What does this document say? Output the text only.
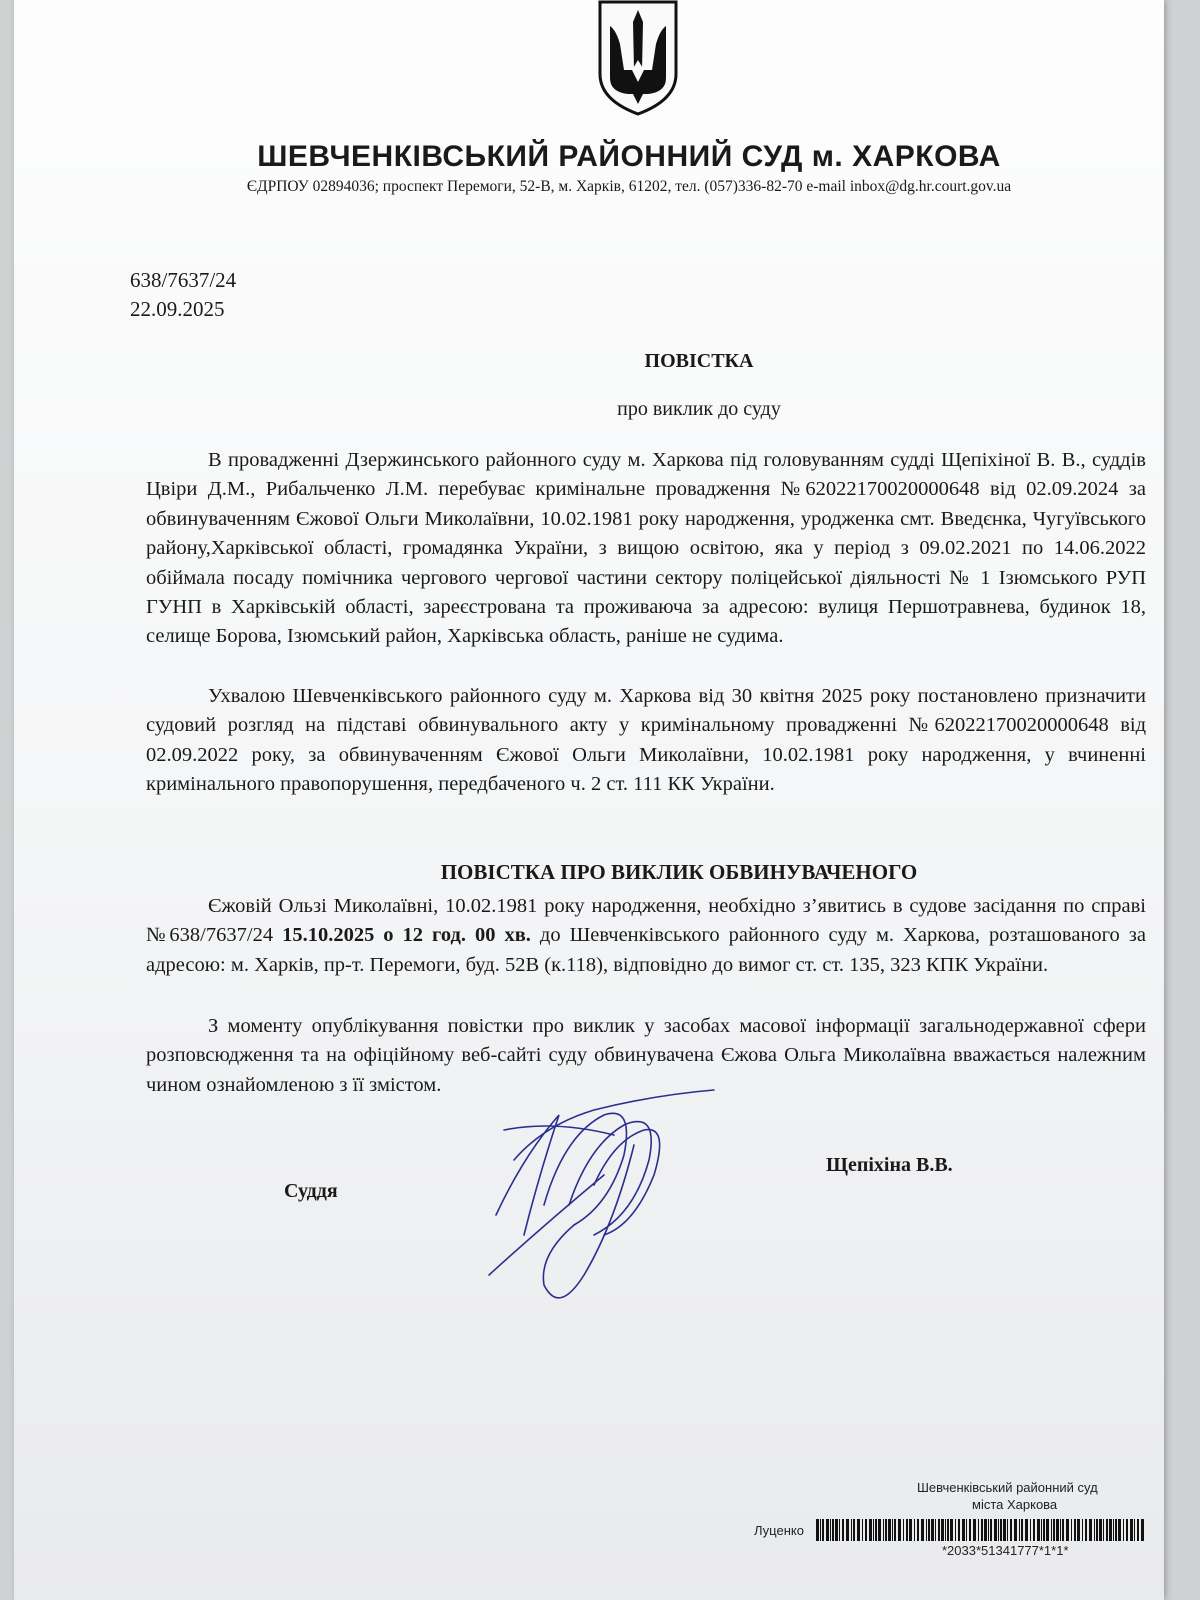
ШЕВЧЕНКІВСЬКИЙ РАЙОННИЙ СУД м. ХАРКОВА
ЄДРПОУ 02894036; проспект Перемоги, 52-В, м. Харків, 61202, тел. (057)336-82-70 e-mail inbox@dg.hr.court.gov.ua
638/7637/24
22.09.2025
ПОВІСТКА
про виклик до суду

В провадженні Дзержинського районного суду м. Харкова під головуванням судді Щепіхіної В. В., суддів Цвіри Д.М., Рибальченко Л.М. перебуває кримінальне провадження №62022170020000648 від 02.09.2024 за обвинуваченням Єжової Ольги Миколаївни, 10.02.1981 року народження, уродженка смт. Введєнка, Чугуївського району,Харківської області, громадянка України, з вищою освітою, яка у період з 09.02.2021 по 14.06.2022 обіймала посаду помічника чергового чергової частини сектору поліцейської діяльності № 1 Ізюмського РУП ГУНП в Харківській області, зареєстрована та проживаюча за адресою: вулиця Першотравнева, будинок 18, селище Борова, Ізюмський район, Харківська область, раніше не судима.

Ухвалою Шевченківського районного суду м. Харкова від 30 квітня 2025 року постановлено призначити судовий розгляд на підставі обвинувального акту у кримінальному провадженні №62022170020000648 від 02.09.2022 року, за обвинуваченням Єжової Ольги Миколаївни, 10.02.1981 року народження, у вчиненні кримінального правопорушення, передбаченого ч. 2 ст. 111 КК України.

ПОВІСТКА ПРО ВИКЛИК ОБВИНУВАЧЕНОГО

Єжовій Ользі Миколаївні, 10.02.1981 року народження, необхідно з’явитись в судове засідання по справі №638/7637/24 15.10.2025 о 12 год. 00 хв. до Шевченківського районного суду м. Харкова, розташованого за адресою: м. Харків, пр-т. Перемоги, буд. 52В (к.118), відповідно до вимог ст. ст. 135, 323 КПК України.

З моменту опублікування повістки про виклик у засобах масової інформації загальнодержавної сфери розповсюдження та на офіційному веб-сайті суду обвинувачена Єжова Ольга Миколаївна вважається належним чином ознайомленою з її змістом.

Суддя
Щепіхіна В.В.
Шевченківський районний суд
міста Харкова
Луценко
*2033*51341777*1*1*
